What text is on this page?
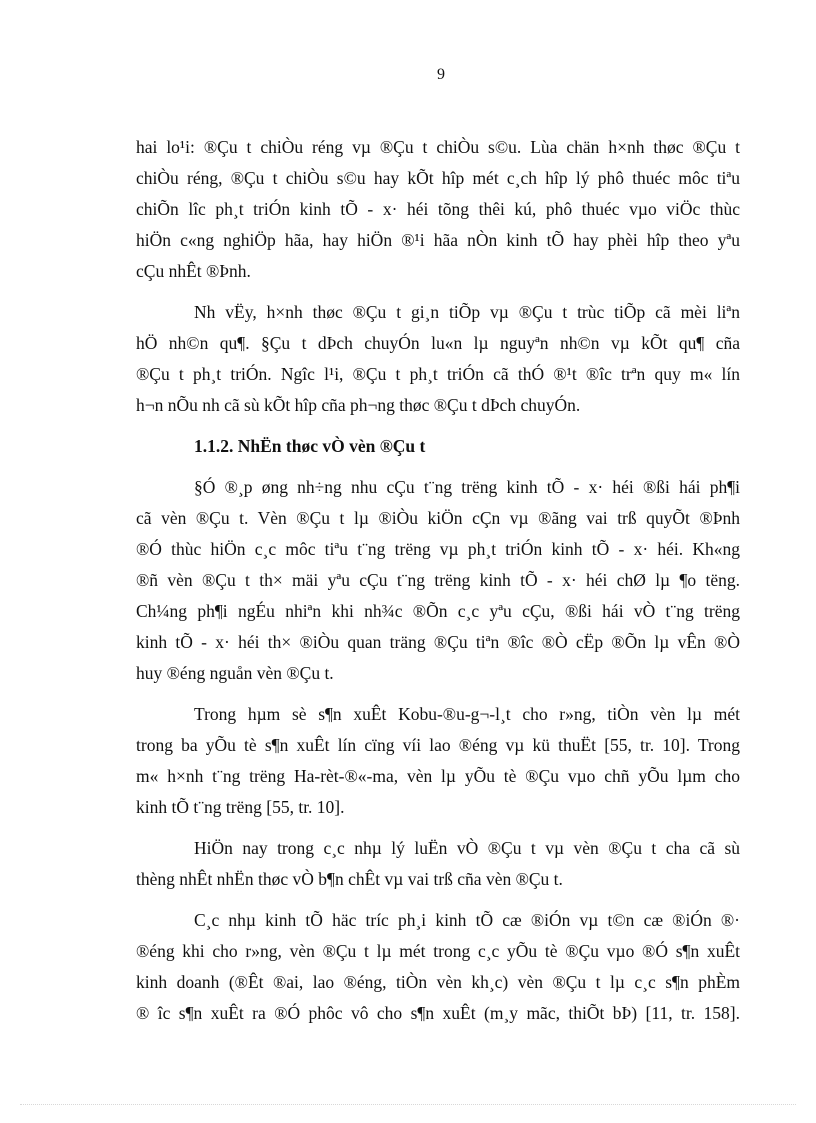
9
hai lo¹i: ®Çu t chiÒu réng vµ ®Çu t chiÒu s©u. Lùa chän h×nh thøc ®Çu t
chiÒu réng, ®Çu t chiÒu s©u hay kÕt hîp mét c¸ch hîp lý phô thuéc môc tiªu
chiÕn lîc ph¸t triÓn kinh tÕ - x· héi tõng thêi kú, phô thuéc vµo viÖc thùc
hiÖn c«ng nghiÖp hãa, hay hiÖn ®¹i hãa nÒn kinh tÕ hay phèi hîp theo yªu
cÇu nhÊt ®Þnh.
Nh vËy, h×nh thøc ®Çu t gi¸n tiÕp vµ ®Çu t trùc tiÕp cã mèi liªn
hÖ nh©n qu¶. §Çu t dÞch chuyÓn lu«n lµ nguyªn nh©n vµ kÕt qu¶ cña
®Çu t ph¸t triÓn. Ngîc l¹i, ®Çu t ph¸t triÓn cã thÓ ®¹t ®îc trªn quy m« lín
h¬n nÕu nh cã sù kÕt hîp cña ph¬ng thøc ®Çu t dÞch chuyÓn.
1.1.2. NhËn thøc vÒ vèn ®Çu t
§Ó ®¸p øng nh÷ng nhu cÇu t¨ng trëng kinh tÕ - x· héi ®ßi hái ph¶i
cã vèn ®Çu t. Vèn ®Çu t lµ ®iÒu kiÖn cÇn vµ ®ãng vai trß quyÕt ®Þnh
®Ó thùc hiÖn c¸c môc tiªu t¨ng trëng vµ ph¸t triÓn kinh tÕ - x· héi. Kh«ng
®ñ vèn ®Çu t th× mäi yªu cÇu t¨ng trëng kinh tÕ - x· héi chØ lµ ¶o tëng.
Ch¼ng ph¶i ngÉu nhiªn khi nh¾c ®Õn c¸c yªu cÇu, ®ßi hái vÒ t¨ng trëng
kinh tÕ - x· héi th× ®iÒu quan träng ®Çu tiªn ®îc ®Ò cËp ®Õn lµ vÊn ®Ò
huy ®éng nguån vèn ®Çu t.
Trong hµm sè s¶n xuÊt Kobu-®u-g¬-l¸t cho r»ng, tiÒn vèn lµ mét
trong ba yÕu tè s¶n xuÊt lín cïng víi lao ®éng vµ kü thuËt [55, tr. 10]. Trong
m« h×nh t¨ng trëng Ha-rèt-®«-ma, vèn lµ yÕu tè ®Çu vµo chñ yÕu lµm cho
kinh tÕ t¨ng trëng [55, tr. 10].
HiÖn nay trong c¸c nhµ lý luËn vÒ ®Çu t vµ vèn ®Çu t cha cã sù
thèng nhÊt nhËn thøc vÒ b¶n chÊt vµ vai trß cña vèn ®Çu t.
C¸c nhµ kinh tÕ häc tríc ph¸i kinh tÕ cæ ®iÓn vµ t©n cæ ®iÓn ®·
®éng khi cho r»ng, vèn ®Çu t lµ mét trong c¸c yÕu tè ®Çu vµo ®Ó s¶n xuÊt
kinh doanh (®Êt ®ai, lao ®éng, tiÒn vèn kh¸c) vèn ®Çu t lµ c¸c s¶n phÈm
® îc s¶n xuÊt ra ®Ó phôc vô cho s¶n xuÊt (m¸y mãc, thiÕt bÞ) [11, tr. 158].
